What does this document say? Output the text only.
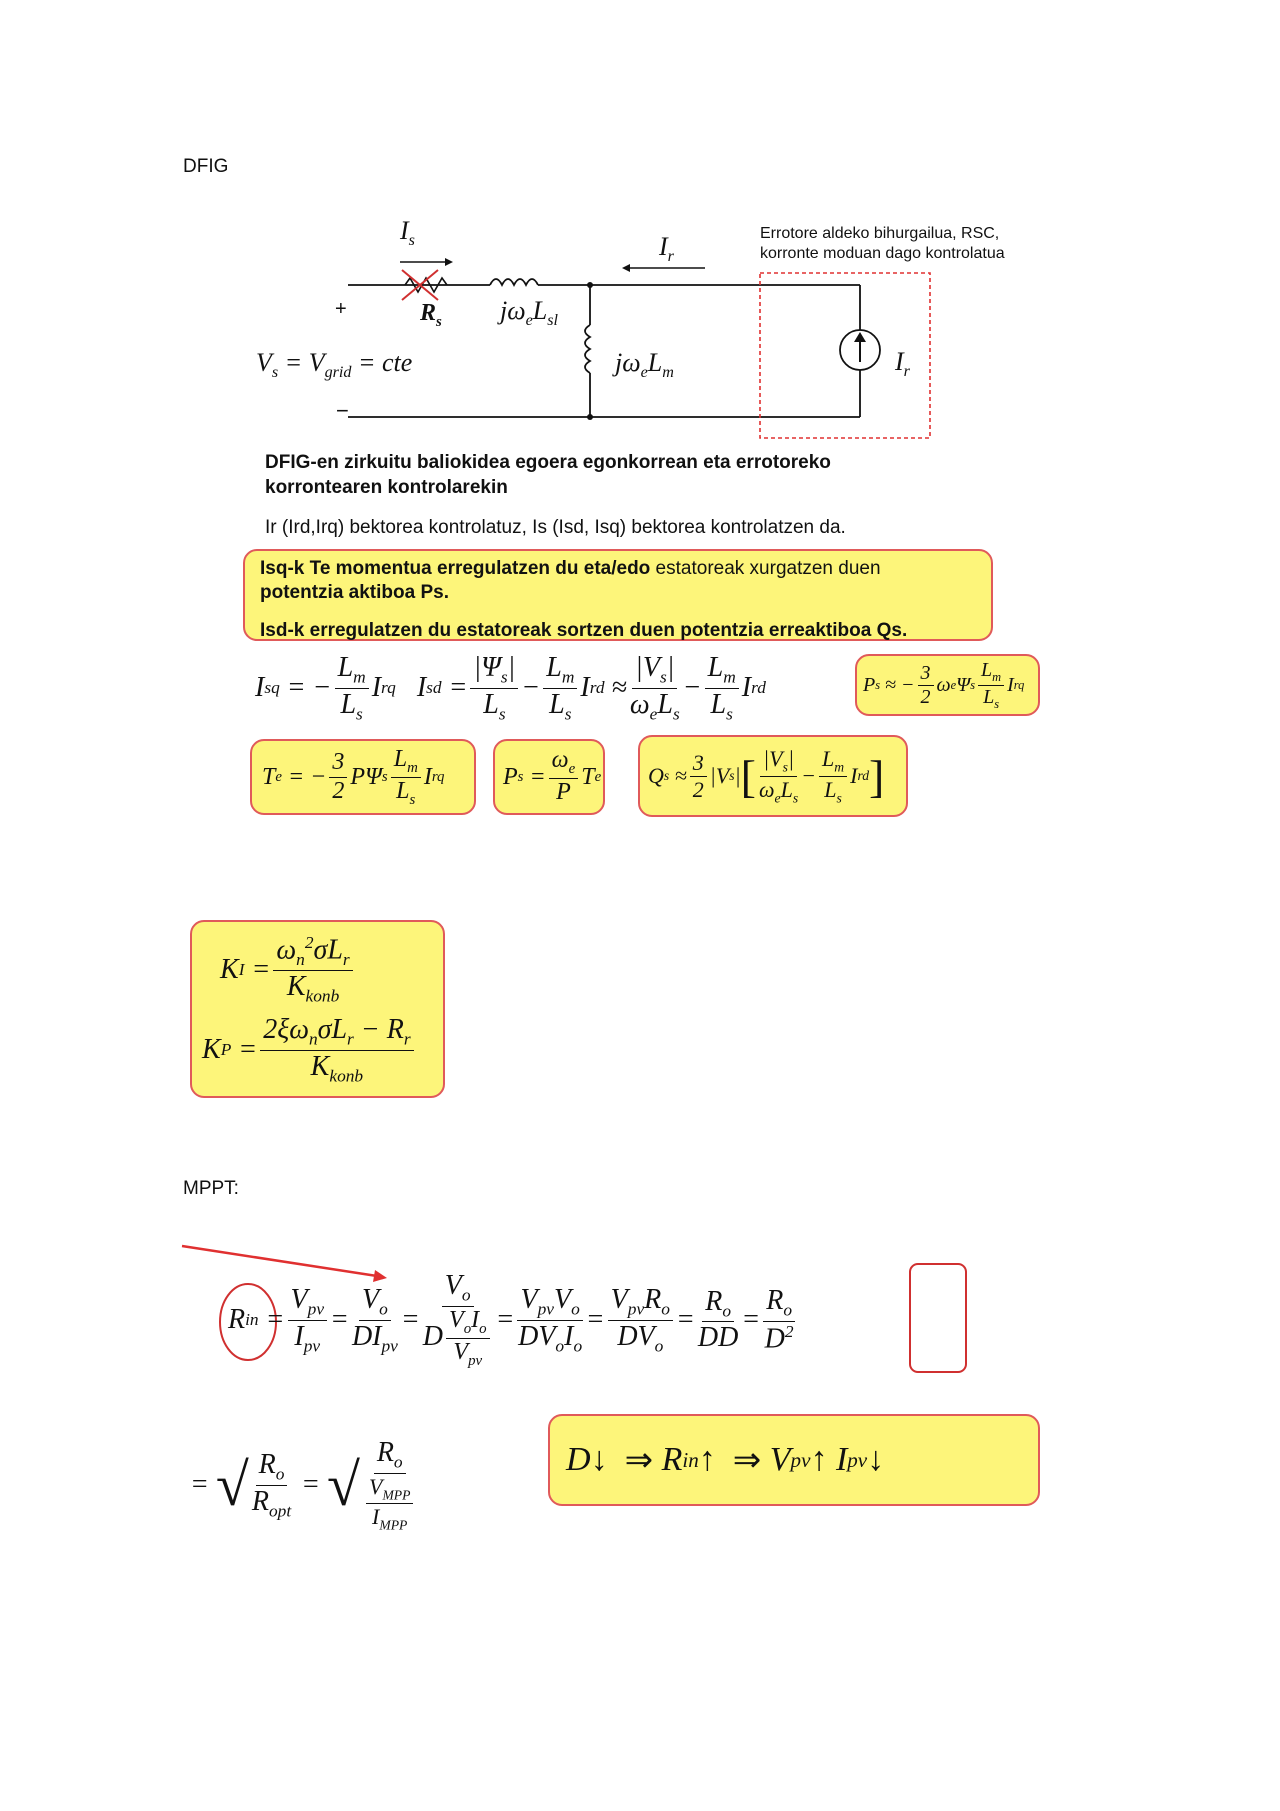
DFIG
MPPT:
Errotore aldeko bihurgailua, RSC,
korronte moduan dago kontrolatua
$I_s$	$I_r$
$R_s$ $j\omega_eL_{sl}$
$j\omega_eL_m$	$I_r$
+
−
$V_s = V_{grid}$ = cte
DFIG-en zirkuitu baliokidea egoera egonkorrean eta errotoreko
korrontearen kontrolarekin
Ir (Ird,Irq) bektorea kontrolatuz, Is (Isd, Isq) bektorea kontrolatzen da.
Isq-k Te momentua erregulatzen du eta/edo estatoreak xurgatzen duen
potentzia aktiboa Ps.
Isd-k erregulatzen du estatoreak sortzen duen potentzia erreaktiboa Qs.
I sq = − $\frac{L_m}{L_s}$ I rq I sd = $\frac{|\Psi_s|}{L_s} - \frac{L_m}{L_s}$ I rd ≈ $\frac{|V_s|}{\omega_eL_s} - \frac{L_m}{L_s}$ I rd	P s ≈ − $\frac{3}{2}$ ω e Ψ s $\frac{L_m}{L_s}$ I rq
T e = − $\frac{3}{2}$ PΨ s $\frac{L_m}{L_s}$ I rq	P $s = \frac{\omega_e}{P}$ T e	Q $s \approx \frac{3}{2} |V$ s | [ $\frac{|V_s|}{\omega_eL_s} - \frac{L_m}{L_s}$ I rd ]
K $I = \frac{\omega_n^2\sigma L_r}{K_{konb}}$
K $P = \frac{2\xi\omega_n\sigma L_r - R_r}{K_{konb}}$
R in = $\frac{V_{pv}}{I_{pv}} = \frac{V_o}{DI_{pv}} = \frac{V_o}{D \frac{V_oI_o}{V_{pv}}} = \frac{V_{pv}V_o}{DV_oI_o} = \frac{V_{pv}R_o}{DV_o} = \frac{R_o}{DD} = \frac{R_o}{D^2}$
= √ $\frac{R_o}{R_{opt}}$ = √ $\frac{R_o}{\frac{V_{MPP}}{I_{MPP}}}$	D ↓
⇒ R in ↑
⇒ V pv ↑ I pv ↓
